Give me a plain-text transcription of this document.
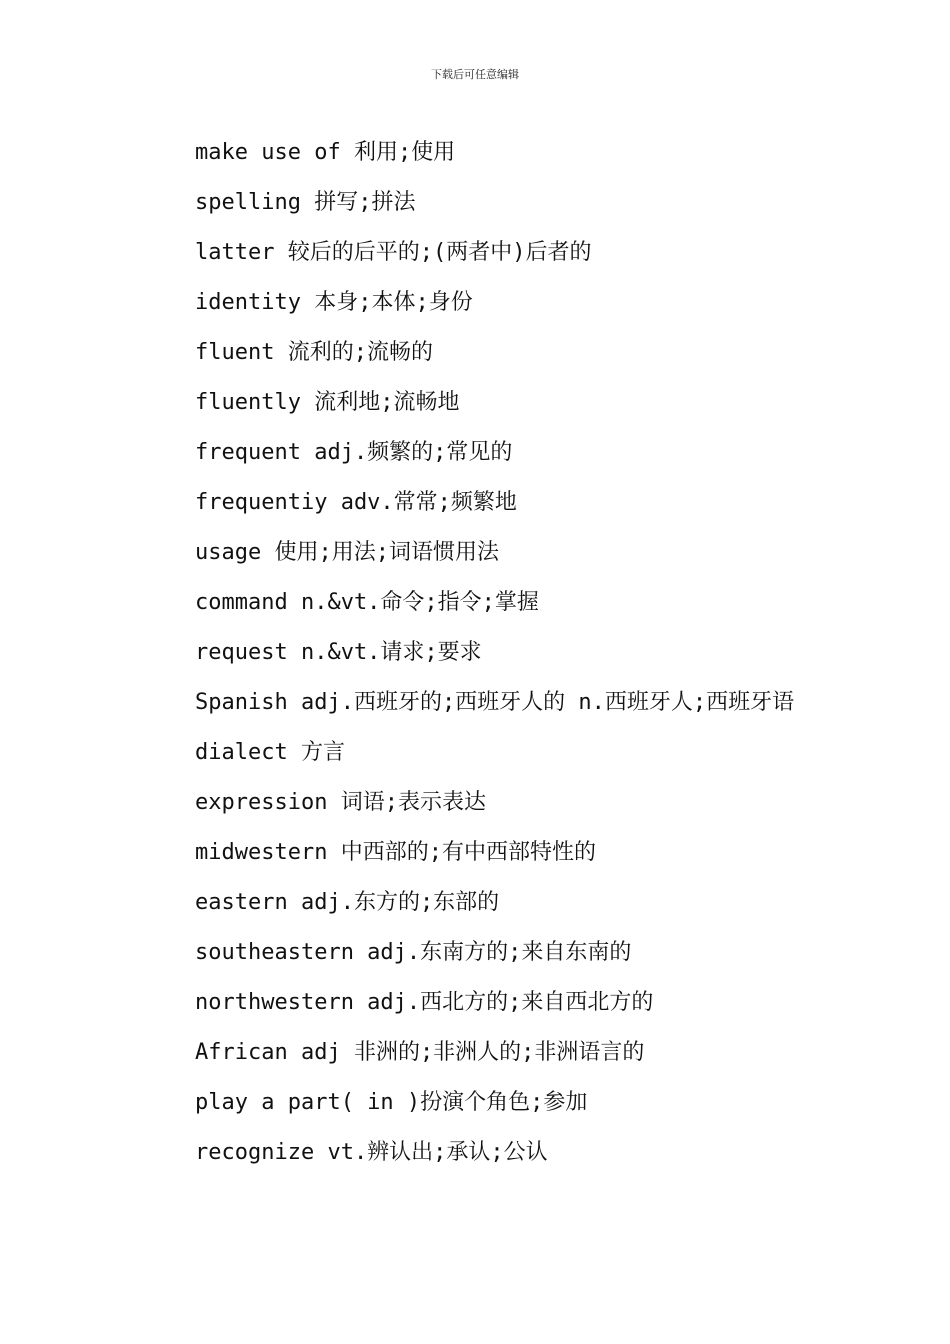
下载后可任意编辑

make use of 利用;使用

spelling 拼写;拼法

latter 较后的后平的;(两者中)后者的

identity 本身;本体;身份

fluent 流利的;流畅的

fluently 流利地;流畅地

frequent adj.频繁的;常见的

frequentiy adv.常常;频繁地

usage 使用;用法;词语惯用法

command n.&vt.命令;指令;掌握

request n.&vt.请求;要求

Spanish adj.西班牙的;西班牙人的 n.西班牙人;西班牙语

dialect 方言

expression 词语;表示表达

midwestern 中西部的;有中西部特性的

eastern adj.东方的;东部的

southeastern adj.东南方的;来自东南的

northwestern adj.西北方的;来自西北方的

African adj 非洲的;非洲人的;非洲语言的

play a part( in )扮演个角色;参加

recognize vt.辨认出;承认;公认
